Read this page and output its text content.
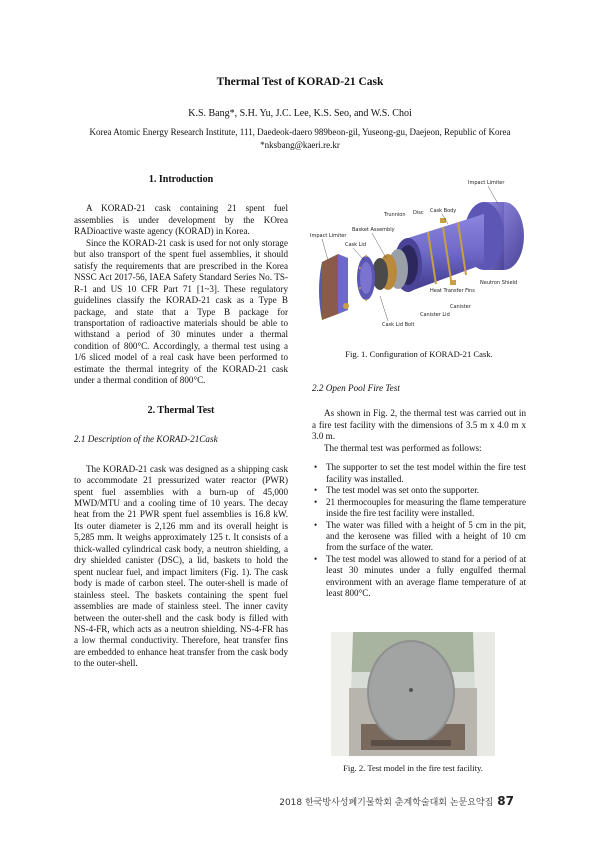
Thermal Test of KORAD-21 Cask
K.S. Bang*, S.H. Yu, J.C. Lee, K.S. Seo, and W.S. Choi
Korea Atomic Energy Research Institute, 111, Daedeok-daero 989beon-gil, Yuseong-gu, Daejeon, Republic of Korea
*nksbang@kaeri.re.kr
1. Introduction

A KORAD-21 cask containing 21 spent fuel assemblies is under development by the KOrea RADioactive waste agency (KORAD) in Korea.

Since the KORAD-21 cask is used for not only storage but also transport of the spent fuel assemblies, it should satisfy the requirements that are prescribed in the Korea NSSC Act 2017-56, IAEA Safety Standard Series No. TS-R-1 and US 10 CFR Part 71 [1~3]. These regulatory guidelines classify the KORAD-21 cask as a Type B package, and state that a Type B package for transportation of radioactive materials should be able to withstand a period of 30 minutes under a thermal condition of 800°C. Accordingly, a thermal test using a 1/6 sliced model of a real cask have been performed to estimate the thermal integrity of the KORAD-21 cask under a thermal condition of 800°C.

2. Thermal Test
2.1 Description of the KORAD-21Cask

The KORAD-21 cask was designed as a shipping cask to accommodate 21 pressurized water reactor (PWR) spent fuel assemblies with a burn-up of 45,000 MWD/MTU and a cooling time of 10 years. The decay heat from the 21 PWR spent fuel assemblies is 16.8 kW. Its outer diameter is 2,126 mm and its overall height is 5,285 mm. It weighs approximately 125 t. It consists of a thick-walled cylindrical cask body, a neutron shielding, a dry shielded canister (DSC), a lid, baskets to hold the spent nuclear fuel, and impact limiters (Fig. 1). The cask body is made of carbon steel. The outer-shell is made of stainless steel. The baskets containing the spent fuel assemblies are made of stainless steel. The inner cavity between the outer-shell and the cask body is filled with NS-4-FR, which acts as a neutron shielding. NS-4-FR has a low thermal conductivity. Therefore, heat transfer fins are embedded to enhance heat transfer from the cask body to the outer-shell.

Impact Limiter
Trunnion Disc Cask Body
Basket Assembly
Impact Limiter
Cask Lid
Neutron Shield
Heat Transfer Fins
Canister
Canister Lid
Cask Lid Bolt
Fig. 1. Configuration of KORAD-21 Cask.
2.2 Open Pool Fire Test

As shown in Fig. 2, the thermal test was carried out in a fire test facility with the dimensions of 3.5 m x 4.0 m x 3.0 m.

The thermal test was performed as follows:

• The supporter to set the test model within the fire test facility was installed.
• The test model was set onto the supporter.
• 21 thermocouples for measuring the flame temperature inside the fire test facility were installed.
• The water was filled with a height of 5 cm in the pit, and the kerosene was filled with a height of 10 cm from the surface of the water.
• The test model was allowed to stand for a period of at least 30 minutes under a fully engulfed thermal environment with an average flame temperature of at least 800°C.
Fig. 2. Test model in the fire test facility.
2018 한국방사성폐기물학회 춘계학술대회 논문요약집 87
